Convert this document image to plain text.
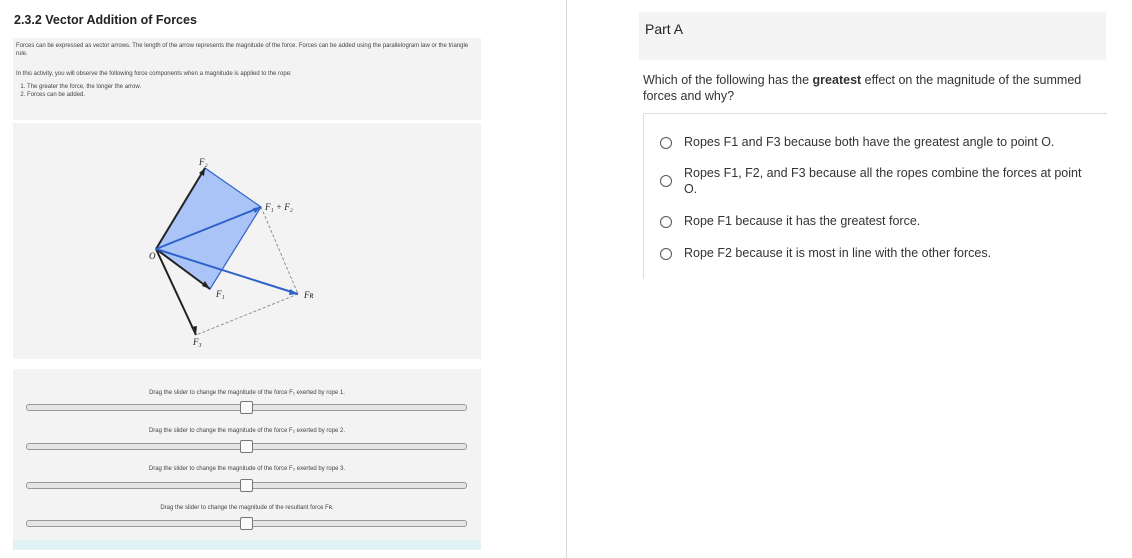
2.3.2 Vector Addition of Forces
Forces can be expressed as vector arrows. The length of the arrow represents the magnitude of the force. Forces can be added using the parallelogram law or the triangle rule.
In this activity, you will observe the following force components when a magnitude is applied to the rope:
1. The greater the force, the longer the arrow.
2. Forces can be added.
F₂
F₁ + F₂
O
F₁	Fʀ
F₃
Drag the slider to change the magnitude of the force F₁ exerted by rope 1.
Drag the slider to change the magnitude of the force F₂ exerted by rope 2.
Drag the slider to change the magnitude of the force F₃ exerted by rope 3.
Drag the slider to change the magnitude of the resultant force Fʀ.
Part A
Which of the following has the greatest effect on the magnitude of the summed forces and why?
Ropes F1 and F3 because both have the greatest angle to point O.
Ropes F1, F2, and F3 because all the ropes combine the forces at point O.
Rope F1 because it has the greatest force.
Rope F2 because it is most in line with the other forces.
